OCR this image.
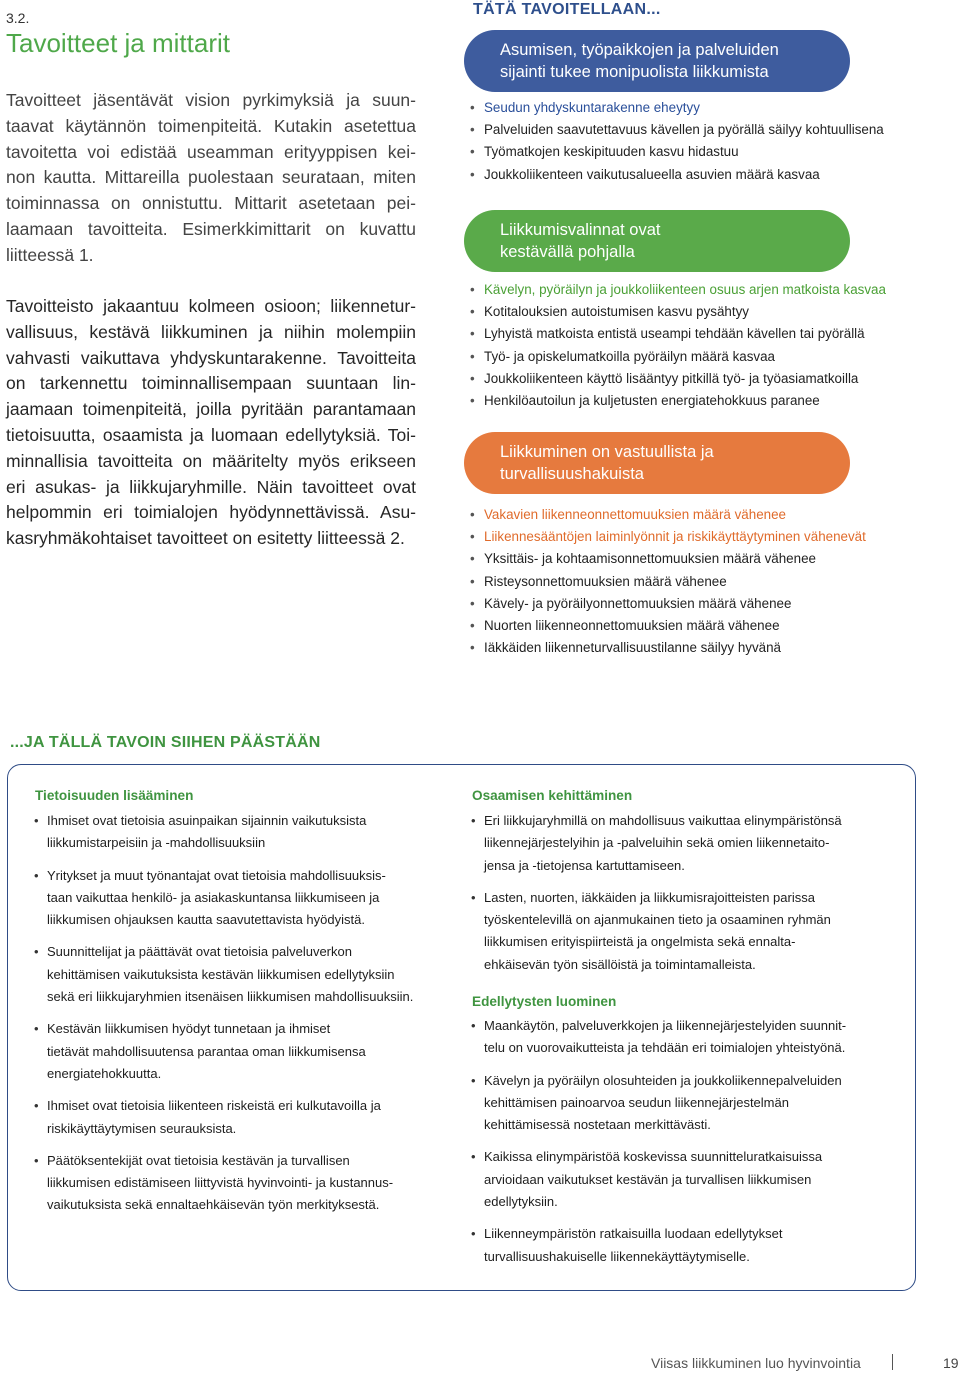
3.2.
Tavoitteet ja mittarit
Tavoitteet jäsentävät vision pyrkimyksiä ja suun-
taavat käytännön toimenpiteitä. Kutakin asetettua
tavoitetta voi edistää useamman erityyppisen kei-
non kautta. Mittareilla puolestaan seurataan, miten
toiminnassa on onnistuttu. Mittarit asetetaan pei-
laamaan tavoitteita. Esimerkkimittarit on kuvattu
liitteessä 1.
Tavoitteisto jakaantuu kolmeen osioon; liikennetur-
vallisuus, kestävä liikkuminen ja niihin molempiin
vahvasti vaikuttava yhdyskuntarakenne. Tavoitteita
on tarkennettu toiminnallisempaan suuntaan lin-
jaamaan toimenpiteitä, joilla pyritään parantamaan
tietoisuutta, osaamista ja luomaan edellytyksiä. Toi-
minnallisia tavoitteita on määritelty myös erikseen
eri asukas- ja liikkujaryhmille. Näin tavoitteet ovat
helpommin eri toimialojen hyödynnettävissä. Asu-
kasryhmäkohtaiset tavoitteet on esitetty liitteessä 2.
TÄTÄ TAVOITELLAAN...
Asumisen, työpaikkojen ja palveluiden
sijainti tukee monipuolista liikkumista
• Seudun yhdyskuntarakenne eheytyy
• Palveluiden saavutettavuus kävellen ja pyörällä säilyy kohtuullisena
• Työmatkojen keskipituuden kasvu hidastuu
• Joukkoliikenteen vaikutusalueella asuvien määrä kasvaa
Liikkumisvalinnat ovat
kestävällä pohjalla
• Kävelyn, pyöräilyn ja joukkoliikenteen osuus arjen matkoista kasvaa
• Kotitalouksien autoistumisen kasvu pysähtyy
• Lyhyistä matkoista entistä useampi tehdään kävellen tai pyörällä
• Työ- ja opiskelumatkoilla pyöräilyn määrä kasvaa
• Joukkoliikenteen käyttö lisääntyy pitkillä työ- ja työasiamatkoilla
• Henkilöautoilun ja kuljetusten energiatehokkuus paranee
Liikkuminen on vastuullista ja
turvallisuushakuista
• Vakavien liikenneonnettomuuksien määrä vähenee
• Liikennesääntöjen laiminlyönnit ja riskikäyttäytyminen vähenevät
• Yksittäis- ja kohtaamisonnettomuuksien määrä vähenee
• Risteysonnettomuuksien määrä vähenee
• Kävely- ja pyöräilyonnettomuuksien määrä vähenee
• Nuorten liikenneonnettomuuksien määrä vähenee
• Iäkkäiden liikenneturvallisuustilanne säilyy hyvänä
...JA TÄLLÄ TAVOIN SIIHEN PÄÄSTÄÄN
Tietoisuuden lisääminen
• Ihmiset ovat tietoisia asuinpaikan sijainnin vaikutuksista
liikkumistarpeisiin ja -mahdollisuuksiin
• Yritykset ja muut työnantajat ovat tietoisia mahdollisuuksis-
taan vaikuttaa henkilö- ja asiakaskuntansa liikkumiseen ja
liikkumisen ohjauksen kautta saavutettavista hyödyistä.
• Suunnittelijat ja päättävät ovat tietoisia palveluverkon
kehittämisen vaikutuksista kestävän liikkumisen edellytyksiin
sekä eri liikkujaryhmien itsenäisen liikkumisen mahdollisuuksiin.
• Kestävän liikkumisen hyödyt tunnetaan ja ihmiset
tietävät mahdollisuutensa parantaa oman liikkumisensa
energiatehokkuutta.
• Ihmiset ovat tietoisia liikenteen riskeistä eri kulkutavoilla ja
riskikäyttäytymisen seurauksista.
• Päätöksentekijät ovat tietoisia kestävän ja turvallisen
liikkumisen edistämiseen liittyvistä hyvinvointi- ja kustannus-
vaikutuksista sekä ennaltaehkäisevän työn merkityksestä.
Osaamisen kehittäminen
• Eri liikkujaryhmillä on mahdollisuus vaikuttaa elinympäristönsä
liikennejärjestelyihin ja -palveluihin sekä omien liikennetaito-
jensa ja -tietojensa kartuttamiseen.
• Lasten, nuorten, iäkkäiden ja liikkumisrajoitteisten parissa
työskentelevillä on ajanmukainen tieto ja osaaminen ryhmän
liikkumisen erityispiirteistä ja ongelmista sekä ennalta-
ehkäisevän työn sisällöistä ja toimintamalleista.
Edellytysten luominen
• Maankäytön, palveluverkkojen ja liikennejärjestelyiden suunnit-
telu on vuorovaikutteista ja tehdään eri toimialojen yhteistyönä.
• Kävelyn ja pyöräilyn olosuhteiden ja joukkoliikennepalveluiden
kehittämisen painoarvoa seudun liikennejärjestelmän
kehittämisessä nostetaan merkittävästi.
• Kaikissa elinympäristöä koskevissa suunnitteluratkaisuissa
arvioidaan vaikutukset kestävän ja turvallisen liikkumisen
edellytyksiin.
• Liikenneympäristön ratkaisuilla luodaan edellytykset
turvallisuushakuiselle liikennekäyttäytymiselle.
Viisas liikkuminen luo hyvinvointia	19
